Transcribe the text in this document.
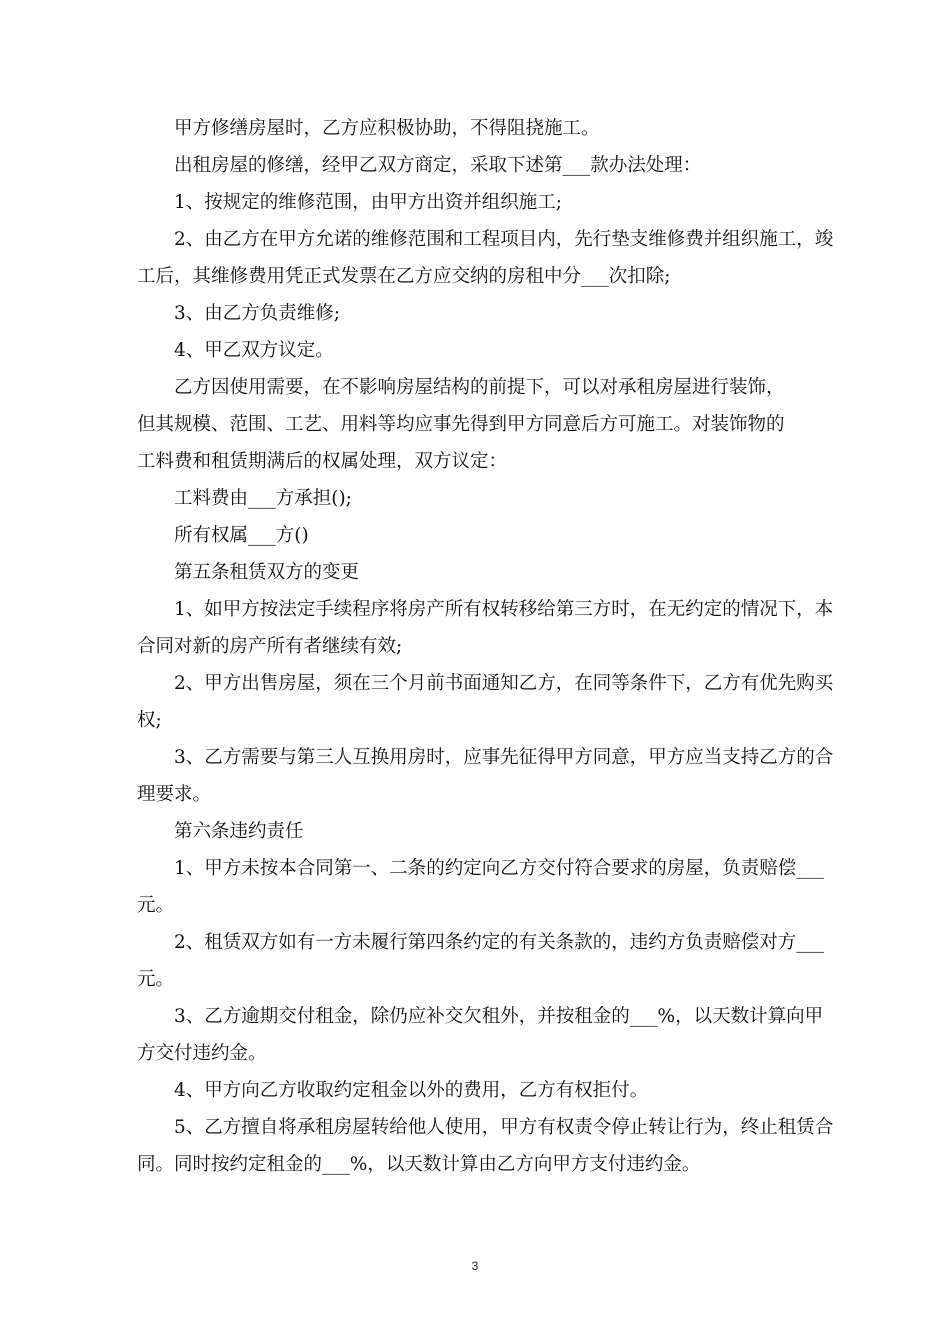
甲方修缮房屋时，乙方应积极协助，不得阻挠施工。

出租房屋的修缮，经甲乙双方商定，采取下述第___款办法处理：

1、按规定的维修范围，由甲方出资并组织施工;

2、由乙方在甲方允诺的维修范围和工程项目内，先行垫支维修费并组织施工，竣工后，其维修费用凭正式发票在乙方应交纳的房租中分___次扣除;

3、由乙方负责维修;

4、甲乙双方议定。

乙方因使用需要，在不影响房屋结构的前提下，可以对承租房屋进行装饰，

但其规模、范围、工艺、用料等均应事先得到甲方同意后方可施工。对装饰物的

工料费和租赁期满后的权属处理，双方议定：

工料费由___方承担();

所有权属___方()

第五条租赁双方的变更

1、如甲方按法定手续程序将房产所有权转移给第三方时，在无约定的情况下，本合同对新的房产所有者继续有效;

2、甲方出售房屋，须在三个月前书面通知乙方，在同等条件下，乙方有优先购买权;

3、乙方需要与第三人互换用房时，应事先征得甲方同意，甲方应当支持乙方的合理要求。

第六条违约责任

1、甲方未按本合同第一、二条的约定向乙方交付符合要求的房屋，负责赔偿___元。

2、租赁双方如有一方未履行第四条约定的有关条款的，违约方负责赔偿对方___元。

3、乙方逾期交付租金，除仍应补交欠租外，并按租金的___%，以天数计算向甲方交付违约金。

4、甲方向乙方收取约定租金以外的费用，乙方有权拒付。

5、乙方擅自将承租房屋转给他人使用，甲方有权责令停止转让行为，终止租赁合同。同时按约定租金的___%，以天数计算由乙方向甲方支付违约金。

3
